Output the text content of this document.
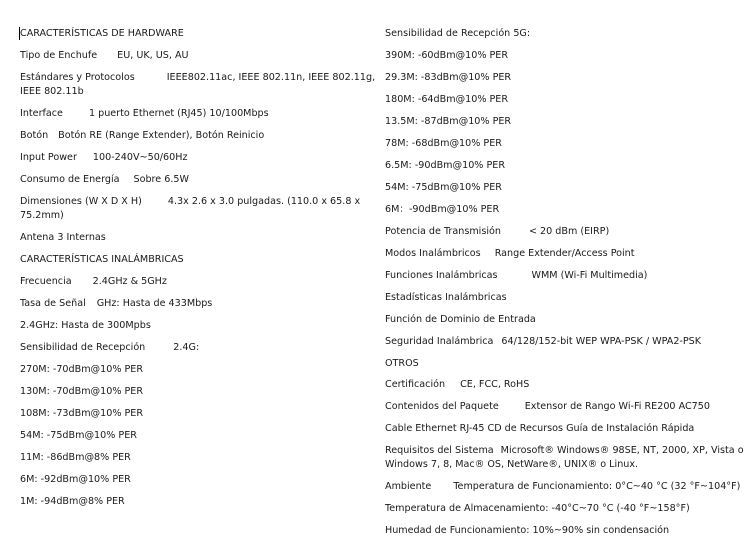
CARACTERÍSTICAS DE HARDWARE
Tipo de Enchufe EU, UK, US, AU
Estándares y Protocolos	IEEE802.11ac, IEEE 802.11n, IEEE 802.11g,
IEEE 802.11b
Interface	1 puerto Ethernet (RJ45) 10/100Mbps
Botón Botón RE (Range Extender), Botón Reinicio
Input Power 100-240V~50/60Hz
Consumo de Energía Sobre 6.5W
Dimensiones (W X D X H)	4.3x 2.6 x 3.0 pulgadas. (110.0 x 65.8 x
75.2mm)
Antena 3 Internas
CARACTERÍSTICAS INALÁMBRICAS
Frecuencia 2.4GHz & 5GHz
Tasa de Señal GHz: Hasta de 433Mbps
2.4GHz: Hasta de 300Mpbs
Sensibilidad de Recepción	2.4G:
270M: -70dBm@10% PER
130M: -70dBm@10% PER
108M: -73dBm@10% PER
54M: -75dBm@10% PER
11M: -86dBm@8% PER
6M: -92dBm@10% PER
1M: -94dBm@8% PER
Sensibilidad de Recepción 5G:
390M: -60dBm@10% PER
29.3M: -83dBm@10% PER
180M: -64dBm@10% PER
13.5M: -87dBm@10% PER
78M: -68dBm@10% PER
6.5M: -90dBm@10% PER
54M: -75dBm@10% PER
6M：-90dBm@10% PER
Potencia de Transmisión	< 20 dBm (EIRP)
Modos Inalámbricos Range Extender/Access Point
Funciones Inalámbricas	WMM (Wi-Fi Multimedia)
Estadísticas Inalámbricas
Función de Dominio de Entrada
Seguridad Inalámbrica 64/128/152-bit WEP WPA-PSK / WPA2-PSK
OTROS
Certificación CE, FCC, RoHS
Contenidos del Paquete	Extensor de Rango Wi-Fi RE200 AC750
Cable Ethernet RJ-45 CD de Recursos Guía de Instalación Rápida
Requisitos del Sistema Microsoft® Windows® 98SE, NT, 2000, XP, Vista o
Windows 7, 8, Mac® OS, NetWare®, UNIX® o Linux.
Ambiente Temperatura de Funcionamiento: 0°C~40 °C (32 °F~104°F)
Temperatura de Almacenamiento: -40°C~70 °C (-40 °F~158°F)
Humedad de Funcionamiento: 10%~90% sin condensación
